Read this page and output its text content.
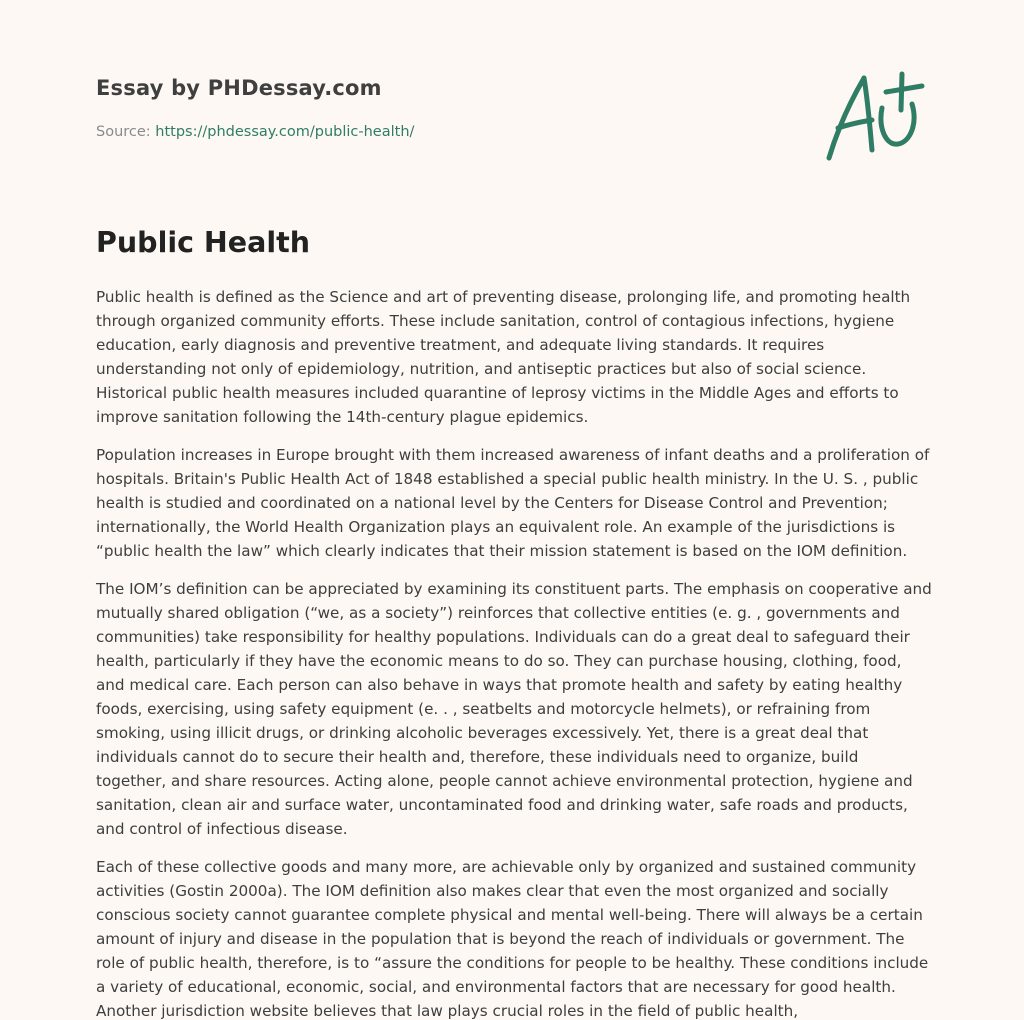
Essay by PHDessay.com
Source: https://phdessay.com/public-health/
Public Health

Public health is defined as the Science and art of preventing disease, prolonging life, and promoting health through organized community efforts. These include sanitation, control of contagious infections, hygiene education, early diagnosis and preventive treatment, and adequate living standards. It requires understanding not only of epidemiology, nutrition, and antiseptic practices but also of social science. Historical public health measures included quarantine of leprosy victims in the Middle Ages and efforts to improve sanitation following the 14th-century plague epidemics.

Population increases in Europe brought with them increased awareness of infant deaths and a proliferation of hospitals. Britain's Public Health Act of 1848 established a special public health ministry. In the U. S. , public health is studied and coordinated on a national level by the Centers for Disease Control and Prevention; internationally, the World Health Organization plays an equivalent role. An example of the jurisdictions is “public health the law” which clearly indicates that their mission statement is based on the IOM definition.

The IOM’s definition can be appreciated by examining its constituent parts. The emphasis on cooperative and mutually shared obligation (“we, as a society”) reinforces that collective entities (e. g. , governments and communities) take responsibility for healthy populations. Individuals can do a great deal to safeguard their health, particularly if they have the economic means to do so. They can purchase housing, clothing, food, and medical care. Each person can also behave in ways that promote health and safety by eating healthy foods, exercising, using safety equipment (e. . , seatbelts and motorcycle helmets), or refraining from smoking, using illicit drugs, or drinking alcoholic beverages excessively. Yet, there is a great deal that individuals cannot do to secure their health and, therefore, these individuals need to organize, build together, and share resources. Acting alone, people cannot achieve environmental protection, hygiene and sanitation, clean air and surface water, uncontaminated food and drinking water, safe roads and products, and control of infectious disease.

Each of these collective goods and many more, are achievable only by organized and sustained community activities (Gostin 2000a). The IOM definition also makes clear that even the most organized and socially conscious society cannot guarantee complete physical and mental well-being. There will always be a certain amount of injury and disease in the population that is beyond the reach of individuals or government. The role of public health, therefore, is to “assure the conditions for people to be healthy. These conditions include a variety of educational, economic, social, and environmental factors that are necessary for good health. Another jurisdiction website believes that law plays crucial roles in the field of public health,
